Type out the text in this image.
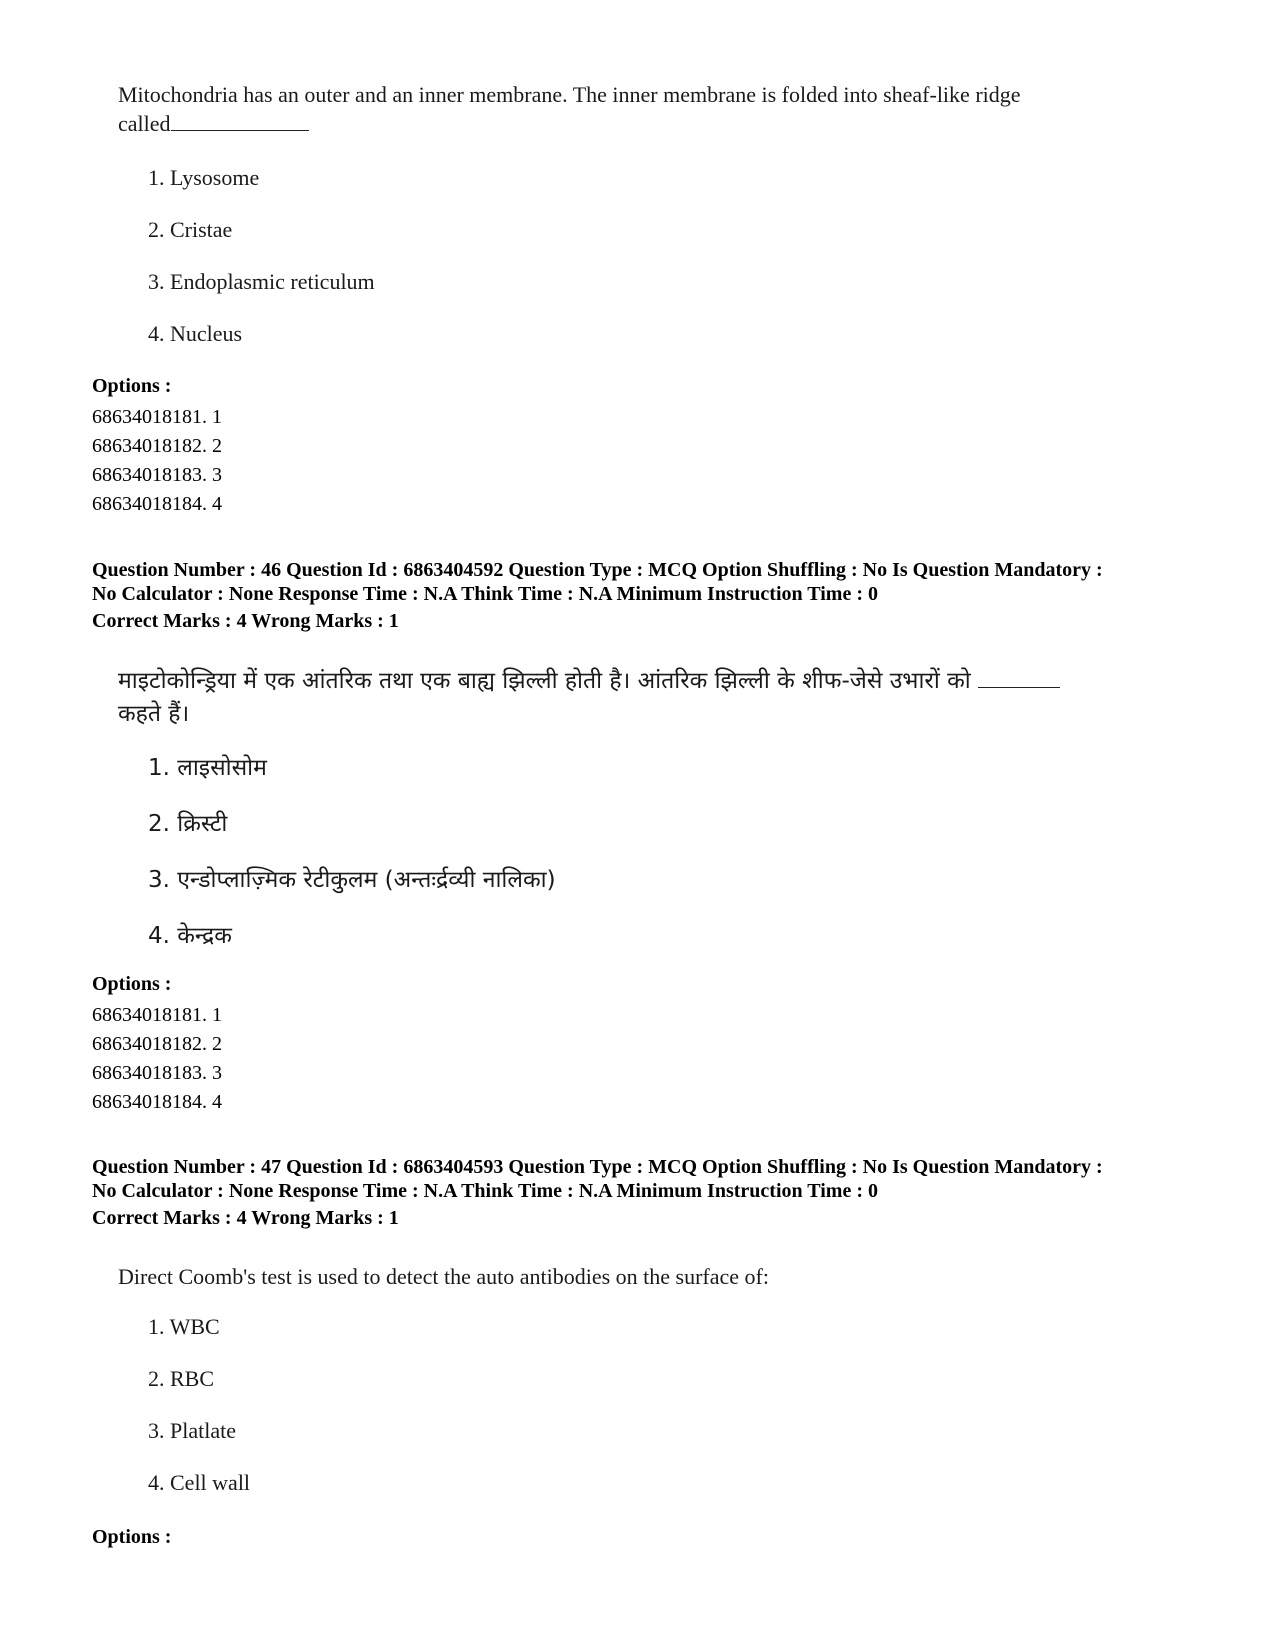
Mitochondria has an outer and an inner membrane. The inner membrane is folded into sheaf-like ridge
called
1. Lysosome
2. Cristae
3. Endoplasmic reticulum
4. Nucleus
Options :
68634018181. 1
68634018182. 2
68634018183. 3
68634018184. 4
Question Number : 46 Question Id : 6863404592 Question Type : MCQ Option Shuffling : No Is Question Mandatory :
No Calculator : None Response Time : N.A Think Time : N.A Minimum Instruction Time : 0
Correct Marks : 4 Wrong Marks : 1
माइटोकोन्ड्रिया में एक आंतरिक तथा एक बाह्य झिल्ली होती है। आंतरिक झिल्ली के शीफ-जेसे उभारों को
कहते हैं।
1. लाइसोसोम
2. क्रिस्टी
3. एन्डोप्लाज़्मिक रेटीकुलम (अन्तःर्द्रव्यी नालिका)
4. केन्द्रक
Options :
68634018181. 1
68634018182. 2
68634018183. 3
68634018184. 4
Question Number : 47 Question Id : 6863404593 Question Type : MCQ Option Shuffling : No Is Question Mandatory :
No Calculator : None Response Time : N.A Think Time : N.A Minimum Instruction Time : 0
Correct Marks : 4 Wrong Marks : 1
Direct Coomb's test is used to detect the auto antibodies on the surface of:
1. WBC
2. RBC
3. Platlate
4. Cell wall
Options :
